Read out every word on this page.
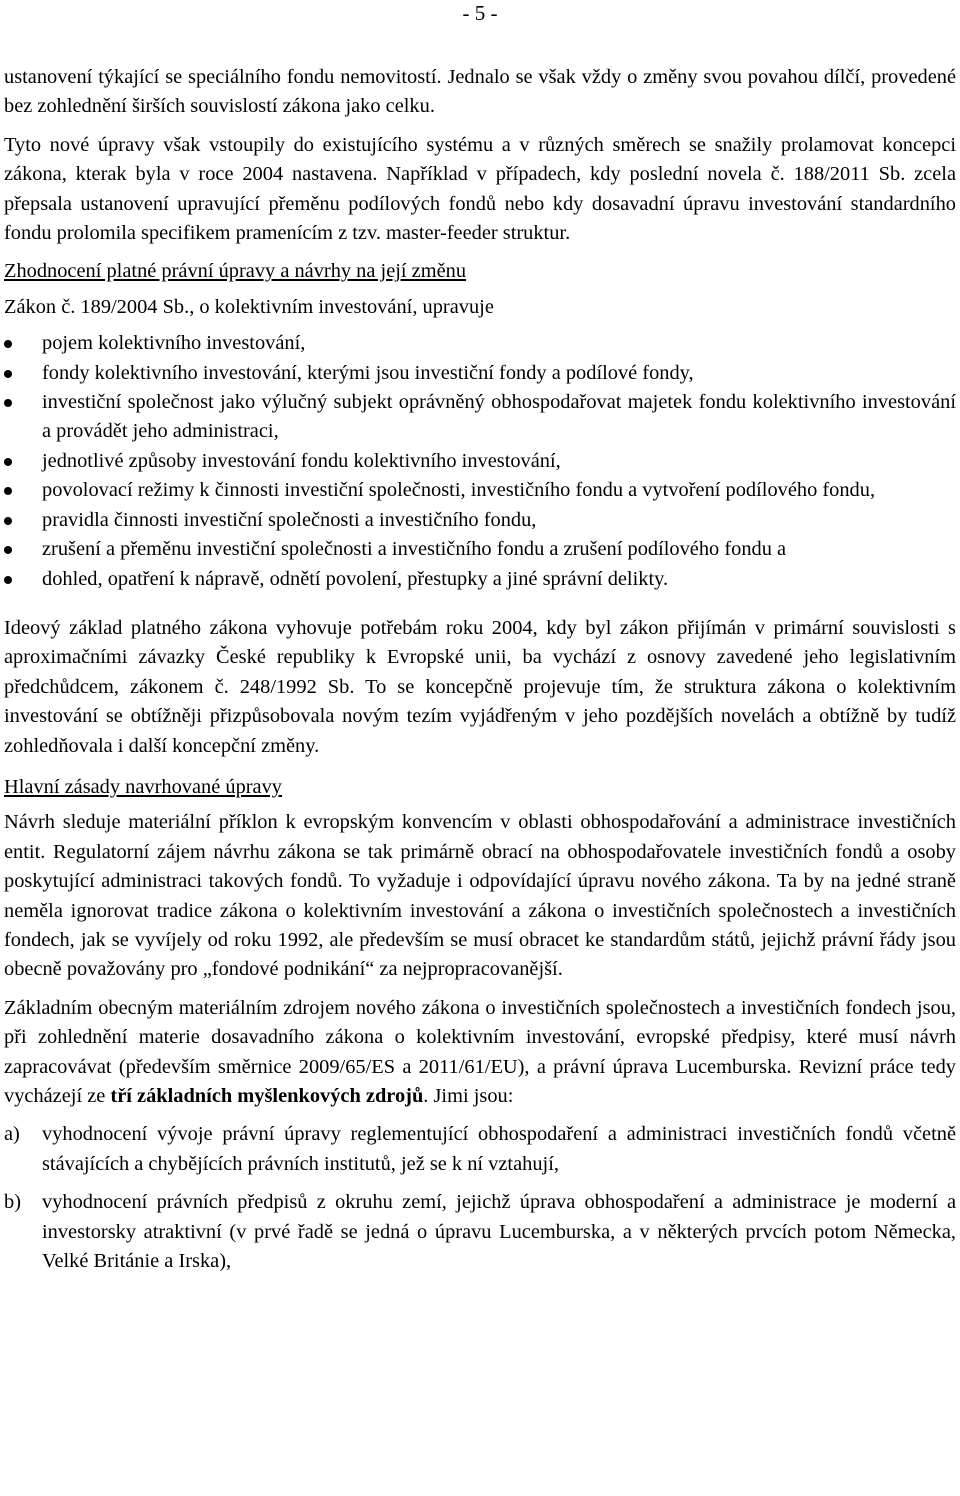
- 5 -

ustanovení týkající se speciálního fondu nemovitostí. Jednalo se však vždy o změny svou povahou dílčí, provedené bez zohlednění širších souvislostí zákona jako celku.

Tyto nové úpravy však vstoupily do existujícího systému a v různých směrech se snažily prolamovat koncepci zákona, kterak byla v roce 2004 nastavena. Například v případech, kdy poslední novela č. 188/2011 Sb. zcela přepsala ustanovení upravující přeměnu podílových fondů nebo kdy dosavadní úpravu investování standardního fondu prolomila specifikem pramenícím z tzv. master-feeder struktur.

Zhodnocení platné právní úpravy a návrhy na její změnu

Zákon č. 189/2004 Sb., o kolektivním investování, upravuje

pojem kolektivního investování,
fondy kolektivního investování, kterými jsou investiční fondy a podílové fondy,
investiční společnost jako výlučný subjekt oprávněný obhospodařovat majetek fondu kolektivního investování a provádět jeho administraci,
jednotlivé způsoby investování fondu kolektivního investování,
povolovací režimy k činnosti investiční společnosti, investičního fondu a vytvoření podílového fondu,
pravidla činnosti investiční společnosti a investičního fondu,
zrušení a přeměnu investiční společnosti a investičního fondu a zrušení podílového fondu a
dohled, opatření k nápravě, odnětí povolení, přestupky a jiné správní delikty.

Ideový základ platného zákona vyhovuje potřebám roku 2004, kdy byl zákon přijímán v primární souvislosti s aproximačními závazky České republiky k Evropské unii, ba vychází z osnovy zavedené jeho legislativním předchůdcem, zákonem č. 248/1992 Sb. To se koncepčně projevuje tím, že struktura zákona o kolektivním investování se obtížněji přizpůsobovala novým tezím vyjádřeným v jeho pozdějších novelách a obtížně by tudíž zohledňovala i další koncepční změny.

Hlavní zásady navrhované úpravy

Návrh sleduje materiální příklon k evropským konvencím v oblasti obhospodařování a administrace investičních entit. Regulatorní zájem návrhu zákona se tak primárně obrací na obhospodařovatele investičních fondů a osoby poskytující administraci takových fondů. To vyžaduje i odpovídající úpravu nového zákona. Ta by na jedné straně neměla ignorovat tradice zákona o kolektivním investování a zákona o investičních společnostech a investičních fondech, jak se vyvíjely od roku 1992, ale především se musí obracet ke standardům států, jejichž právní řády jsou obecně považovány pro „fondové podnikání“ za nejpropracovanější.

Základním obecným materiálním zdrojem nového zákona o investičních společnostech a investičních fondech jsou, při zohlednění materie dosavadního zákona o kolektivním investování, evropské předpisy, které musí návrh zapracovávat (především směrnice 2009/65/ES a 2011/61/EU), a právní úprava Lucemburska. Revizní práce tedy vycházejí ze tří základních myšlenkových zdrojů. Jimi jsou:

a) vyhodnocení vývoje právní úpravy reglementující obhospodaření a administraci investičních fondů včetně stávajících a chybějících právních institutů, jež se k ní vztahují,
b) vyhodnocení právních předpisů z okruhu zemí, jejichž úprava obhospodaření a administrace je moderní a investorsky atraktivní (v prvé řadě se jedná o úpravu Lucemburska, a v některých prvcích potom Německa, Velké Británie a Irska),
